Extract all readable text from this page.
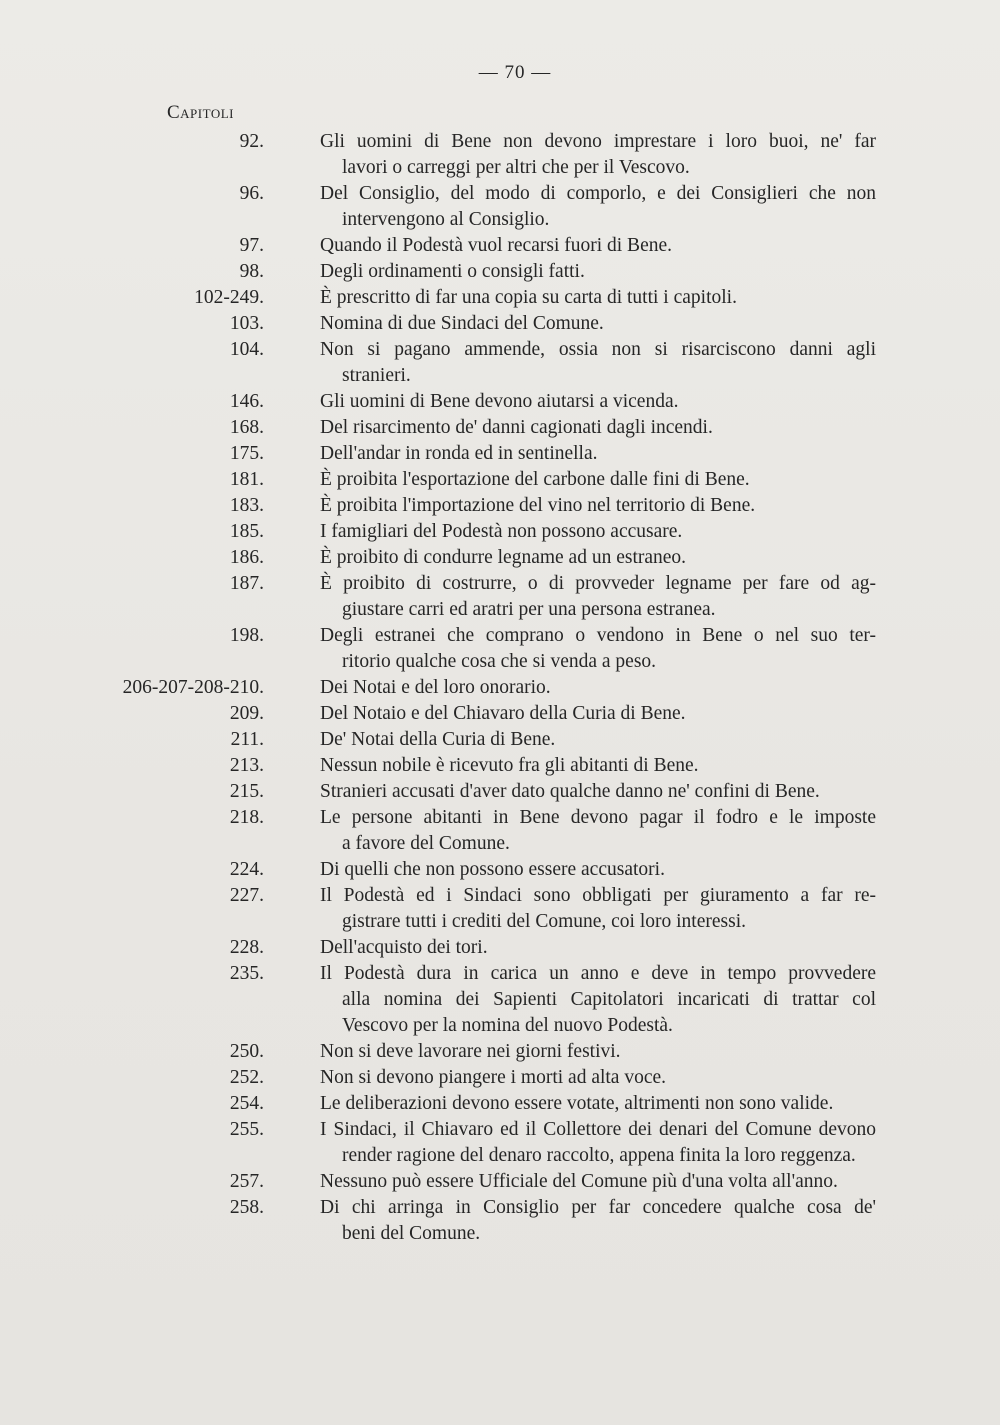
— 70 —
Capitoli
92.	Gli uomini di Bene non devono imprestare i loro buoi, ne' far
lavori o carreggi per altri che per il Vescovo.
96.	Del Consiglio, del modo di comporlo, e dei Consiglieri che non
intervengono al Consiglio.
97.	Quando il Podestà vuol recarsi fuori di Bene.
98.	Degli ordinamenti o consigli fatti.
102-249.	È prescritto di far una copia su carta di tutti i capitoli.
103.	Nomina di due Sindaci del Comune.
104.	Non si pagano ammende, ossia non si risarciscono danni agli
stranieri.
146.	Gli uomini di Bene devono aiutarsi a vicenda.
168.	Del risarcimento de' danni cagionati dagli incendi.
175.	Dell'andar in ronda ed in sentinella.
181.	È proibita l'esportazione del carbone dalle fini di Bene.
183.	È proibita l'importazione del vino nel territorio di Bene.
185.	I famigliari del Podestà non possono accusare.
186.	È proibito di condurre legname ad un estraneo.
187.	È proibito di costrurre, o di provveder legname per fare od ag-
giustare carri ed aratri per una persona estranea.
198.	Degli estranei che comprano o vendono in Bene o nel suo ter-
ritorio qualche cosa che si venda a peso.
206-207-208-210.	Dei Notai e del loro onorario.
209.	Del Notaio e del Chiavaro della Curia di Bene.
211.	De' Notai della Curia di Bene.
213.	Nessun nobile è ricevuto fra gli abitanti di Bene.
215.	Stranieri accusati d'aver dato qualche danno ne' confini di Bene.
218.	Le persone abitanti in Bene devono pagar il fodro e le imposte
a favore del Comune.
224.	Di quelli che non possono essere accusatori.
227.	Il Podestà ed i Sindaci sono obbligati per giuramento a far re-
gistrare tutti i crediti del Comune, coi loro interessi.
228.	Dell'acquisto dei tori.
235.	Il Podestà dura in carica un anno e deve in tempo provvedere
alla nomina dei Sapienti Capitolatori incaricati di trattar col
Vescovo per la nomina del nuovo Podestà.
250.	Non si deve lavorare nei giorni festivi.
252.	Non si devono piangere i morti ad alta voce.
254.	Le deliberazioni devono essere votate, altrimenti non sono valide.
255.	I Sindaci, il Chiavaro ed il Collettore dei denari del Comune devono
render ragione del denaro raccolto, appena finita la loro reggenza.
257.	Nessuno può essere Ufficiale del Comune più d'una volta all'anno.
258.	Di chi arringa in Consiglio per far concedere qualche cosa de'
beni del Comune.
